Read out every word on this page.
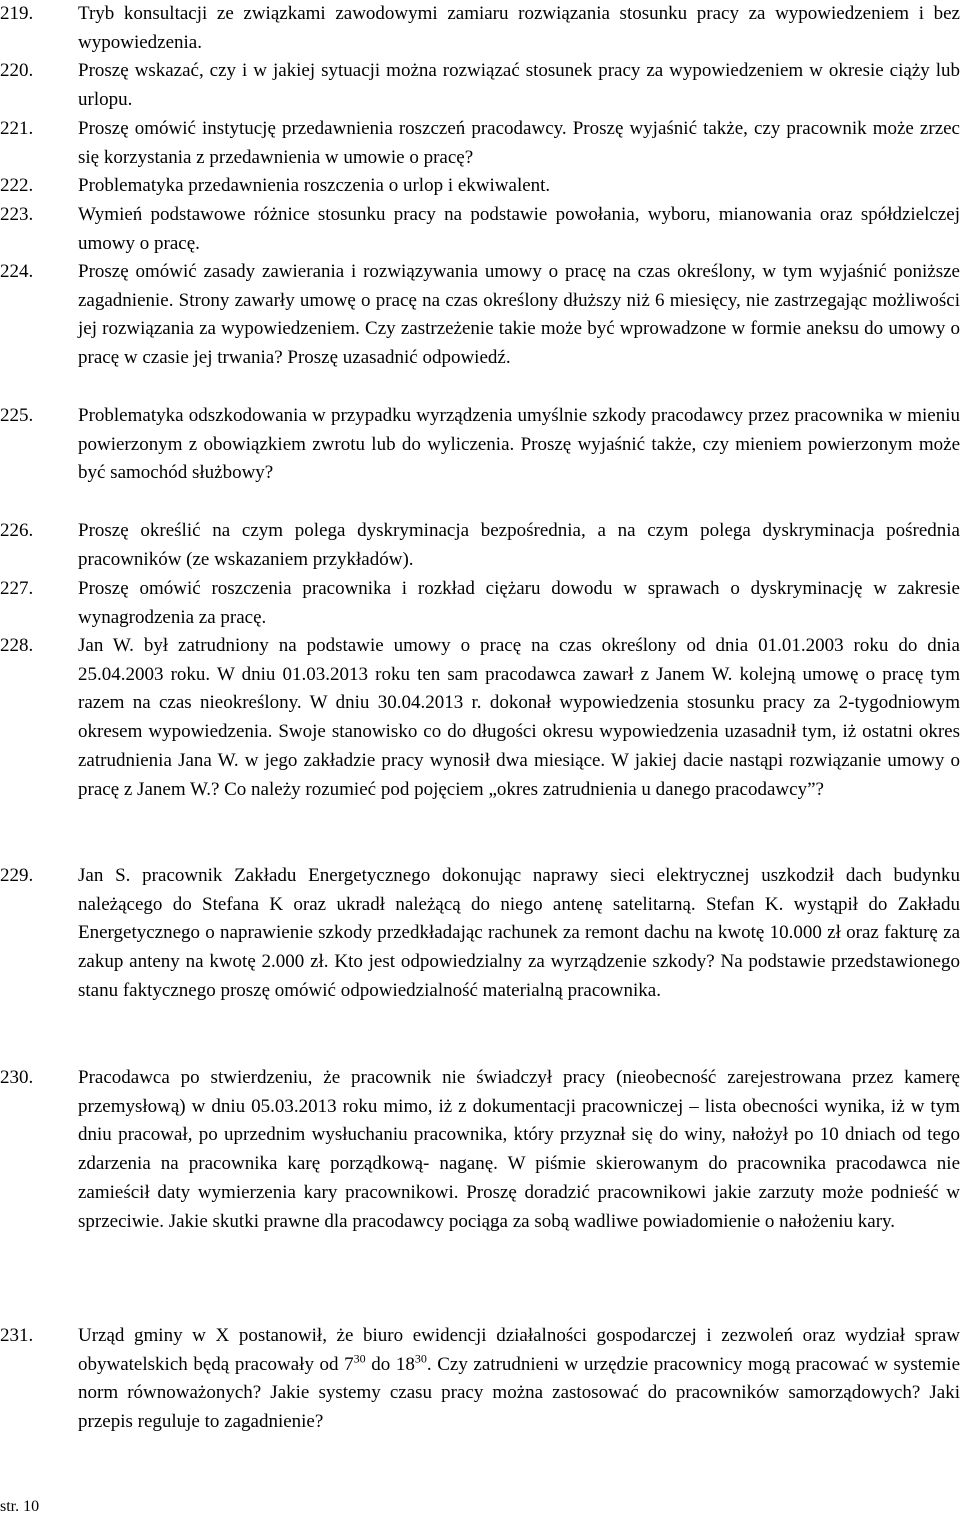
219.	Tryb konsultacji ze związkami zawodowymi zamiaru rozwiązania stosunku pracy za wypowiedzeniem i bez wypowiedzenia.
220.	Proszę wskazać, czy i w jakiej sytuacji można rozwiązać stosunek pracy za wypowiedzeniem w okresie ciąży lub urlopu.
221.	Proszę omówić instytucję przedawnienia roszczeń pracodawcy. Proszę wyjaśnić także, czy pracownik może zrzec się korzystania z przedawnienia w umowie o pracę?
222.	Problematyka przedawnienia roszczenia o urlop i ekwiwalent.
223.	Wymień podstawowe różnice stosunku pracy na podstawie powołania, wyboru, mianowania oraz spółdzielczej umowy o pracę.
224.	Proszę omówić zasady zawierania i rozwiązywania umowy o pracę na czas określony, w tym wyjaśnić poniższe zagadnienie. Strony zawarły umowę o pracę na czas określony dłuższy niż 6 miesięcy, nie zastrzegając możliwości jej rozwiązania za wypowiedzeniem. Czy zastrzeżenie takie może być wprowadzone w formie aneksu do umowy o pracę w czasie jej trwania? Proszę uzasadnić odpowiedź.
225.	Problematyka odszkodowania w przypadku wyrządzenia umyślnie szkody pracodawcy przez pracownika w mieniu powierzonym z obowiązkiem zwrotu lub do wyliczenia. Proszę wyjaśnić także, czy mieniem powierzonym może być samochód służbowy?
226.	Proszę określić na czym polega dyskryminacja bezpośrednia, a na czym polega dyskryminacja pośrednia pracowników (ze wskazaniem przykładów).
227.	Proszę omówić roszczenia pracownika i rozkład ciężaru dowodu w sprawach o dyskryminację w zakresie wynagrodzenia za pracę.
228.	Jan W. był zatrudniony na podstawie umowy o pracę na czas określony od dnia 01.01.2003 roku do dnia 25.04.2003 roku. W dniu 01.03.2013 roku ten sam pracodawca zawarł z Janem W. kolejną umowę o pracę tym razem na czas nieokreślony. W dniu 30.04.2013 r. dokonał wypowiedzenia stosunku pracy za 2-tygodniowym okresem wypowiedzenia. Swoje stanowisko co do długości okresu wypowiedzenia uzasadnił tym, iż ostatni okres zatrudnienia Jana W. w jego zakładzie pracy wynosił dwa miesiące. W jakiej dacie nastąpi rozwiązanie umowy o pracę z Janem W.? Co należy rozumieć pod pojęciem „okres zatrudnienia u danego pracodawcy”?
229.	Jan S. pracownik Zakładu Energetycznego dokonując naprawy sieci elektrycznej uszkodził dach budynku należącego do Stefana K oraz ukradł należącą do niego antenę satelitarną. Stefan K. wystąpił do Zakładu Energetycznego o naprawienie szkody przedkładając rachunek za remont dachu na kwotę 10.000 zł oraz fakturę za zakup anteny na kwotę 2.000 zł. Kto jest odpowiedzialny za wyrządzenie szkody? Na podstawie przedstawionego stanu faktycznego proszę omówić odpowiedzialność materialną pracownika.
230.	Pracodawca po stwierdzeniu, że pracownik nie świadczył pracy (nieobecność zarejestrowana przez kamerę przemysłową) w dniu 05.03.2013 roku mimo, iż z dokumentacji pracowniczej – lista obecności wynika, iż w tym dniu pracował, po uprzednim wysłuchaniu pracownika, który przyznał się do winy, nałożył po 10 dniach od tego zdarzenia na pracownika karę porządkową- naganę. W piśmie skierowanym do pracownika pracodawca nie zamieścił daty wymierzenia kary pracownikowi. Proszę doradzić pracownikowi jakie zarzuty może podnieść w sprzeciwie. Jakie skutki prawne dla pracodawcy pociąga za sobą wadliwe powiadomienie o nałożeniu kary.
231.	Urząd gminy w X postanowił, że biuro ewidencji działalności gospodarczej i zezwoleń oraz wydział spraw obywatelskich będą pracowały od $7^{30}$ do $18^{30}$. Czy zatrudnieni w urzędzie pracownicy mogą pracować w systemie norm równoważonych? Jakie systemy czasu pracy można zastosować do pracowników samorządowych? Jaki przepis reguluje to zagadnienie?
str. 10
